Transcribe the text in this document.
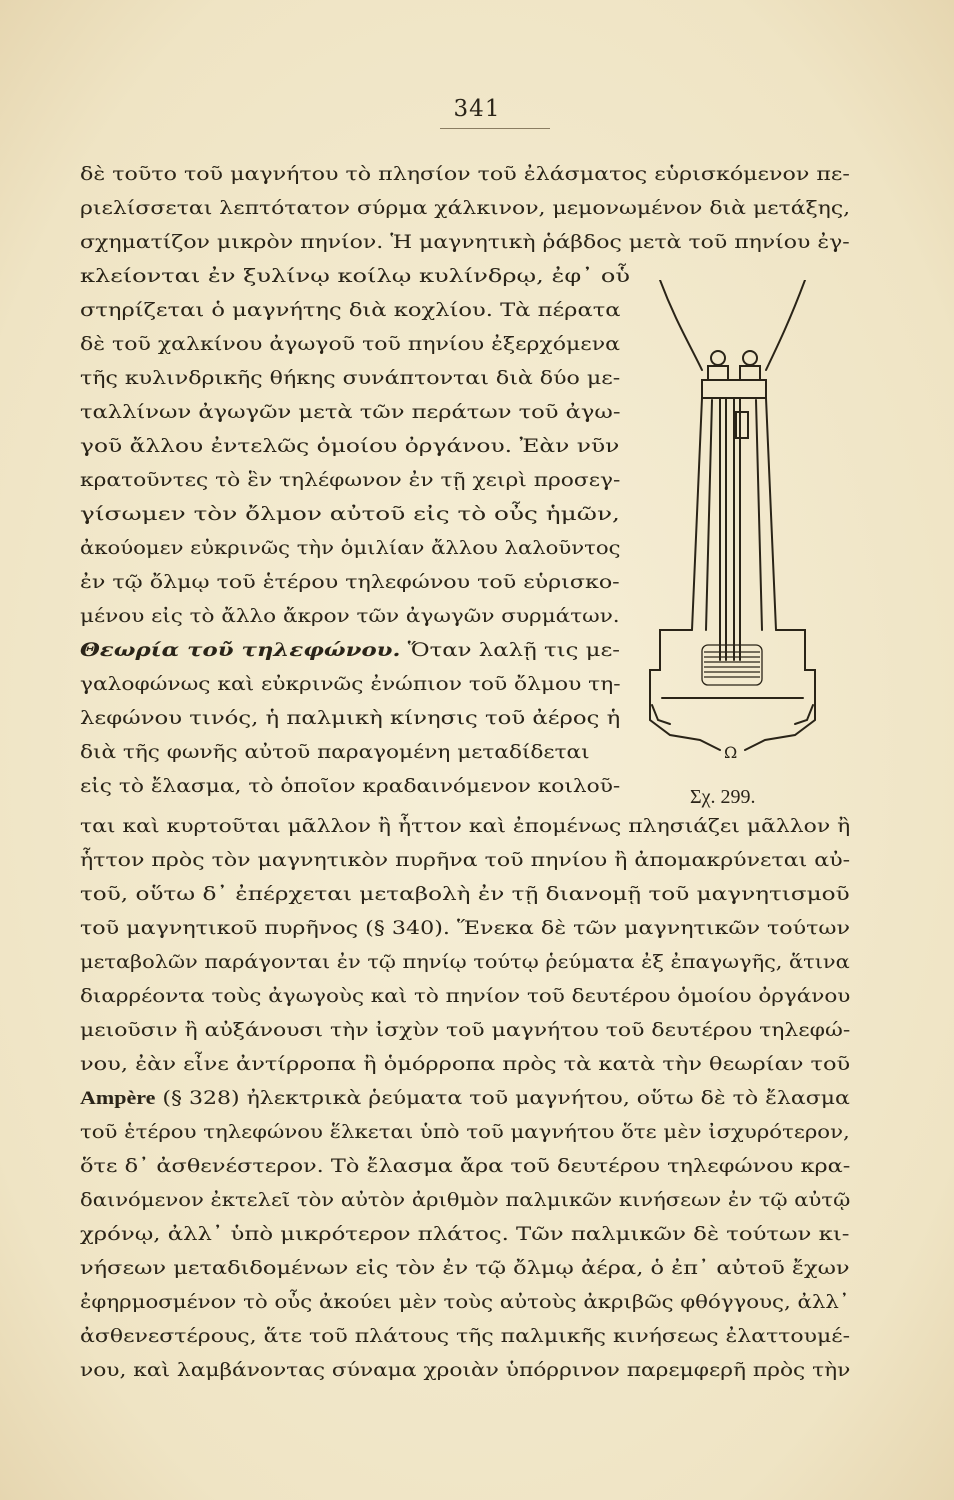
341

δὲ τοῦτο τοῦ μαγνήτου τὸ πλησίον τοῦ ἐλάσματος εὑρισκόμενον πε-

ριελίσσεται λεπτότατον σύρμα χάλκινον, μεμονωμένον διὰ μετάξης,

σχηματίζον μικρὸν πηνίον. Ἡ μαγνητικὴ ῥάβδος μετὰ τοῦ πηνίου ἐγ-

κλείονται ἐν ξυλίνῳ κοίλῳ κυλίνδρῳ, ἐφ᾽ οὗ

στηρίζεται ὁ μαγνήτης διὰ κοχλίου. Τὰ πέρατα

δὲ τοῦ χαλκίνου ἀγωγοῦ τοῦ πηνίου ἐξερχόμενα

τῆς κυλινδρικῆς θήκης συνάπτονται διὰ δύο με-

ταλλίνων ἀγωγῶν μετὰ τῶν περάτων τοῦ ἀγω-

γοῦ ἄλλου ἐντελῶς ὁμοίου ὀργάνου. Ἐὰν νῦν

κρατοῦντες τὸ ἓν τηλέφωνον ἐν τῇ χειρὶ προσεγ-

γίσωμεν τὸν ὄλμον αὐτοῦ εἰς τὸ οὖς ἡμῶν,

ἀκούομεν εὐκρινῶς τὴν ὁμιλίαν ἄλλου λαλοῦντος

ἐν τῷ ὄλμῳ τοῦ ἑτέρου τηλεφώνου τοῦ εὑρισκο-

μένου εἰς τὸ ἄλλο ἄκρον τῶν ἀγωγῶν συρμάτων.

Θεωρία τοῦ τηλεφώνου. Ὅταν λαλῇ τις με-

γαλοφώνως καὶ εὐκρινῶς ἐνώπιον τοῦ ὄλμου τη-

λεφώνου τινός, ἡ παλμικὴ κίνησις τοῦ ἀέρος ἡ

διὰ τῆς φωνῆς αὐτοῦ παραγομένη μεταδίδεται

εἰς τὸ ἔλασμα, τὸ ὁποῖον κραδαινόμενον κοιλοῦ-

ται καὶ κυρτοῦται μᾶλλον ἢ ἧττον καὶ ἐπομένως πλησιάζει μᾶλλον ἢ

ἧττον πρὸς τὸν μαγνητικὸν πυρῆνα τοῦ πηνίου ἢ ἀπομακρύνεται αὐ-

τοῦ, οὕτω δ᾽ ἐπέρχεται μεταβολὴ ἐν τῇ διανομῇ τοῦ μαγνητισμοῦ

τοῦ μαγνητικοῦ πυρῆνος (§ 340). Ἕνεκα δὲ τῶν μαγνητικῶν τούτων

μεταβολῶν παράγονται ἐν τῷ πηνίῳ τούτῳ ῥεύματα ἐξ ἐπαγωγῆς, ἅτινα

διαρρέοντα τοὺς ἀγωγοὺς καὶ τὸ πηνίον τοῦ δευτέρου ὁμοίου ὀργάνου

μειοῦσιν ἢ αὐξάνουσι τὴν ἰσχὺν τοῦ μαγνήτου τοῦ δευτέρου τηλεφώ-

νου, ἐὰν εἶνε ἀντίρροπα ἢ ὁμόρροπα πρὸς τὰ κατὰ τὴν θεωρίαν τοῦ

Ampère (§ 328) ἠλεκτρικὰ ῥεύματα τοῦ μαγνήτου, οὕτω δὲ τὸ ἔλασμα

τοῦ ἑτέρου τηλεφώνου ἕλκεται ὑπὸ τοῦ μαγνήτου ὅτε μὲν ἰσχυρότερον,

ὅτε δ᾽ ἀσθενέστερον. Τὸ ἔλασμα ἄρα τοῦ δευτέρου τηλεφώνου κρα-

δαινόμενον ἐκτελεῖ τὸν αὐτὸν ἀριθμὸν παλμικῶν κινήσεων ἐν τῷ αὐτῷ

χρόνῳ, ἀλλ᾽ ὑπὸ μικρότερον πλάτος. Τῶν παλμικῶν δὲ τούτων κι-

νήσεων μεταδιδομένων εἰς τὸν ἐν τῷ ὄλμῳ ἀέρα, ὁ ἐπ᾽ αὐτοῦ ἔχων

ἐφηρμοσμένον τὸ οὖς ἀκούει μὲν τοὺς αὐτοὺς ἀκριβῶς φθόγγους, ἀλλ᾽

ἀσθενεστέρους, ἅτε τοῦ πλάτους τῆς παλμικῆς κινήσεως ἐλαττουμέ-

νου, καὶ λαμβάνοντας σύναμα χροιὰν ὑπόρρινον παρεμφερῆ πρὸς τὴν

Ω
Σχ. 299.
